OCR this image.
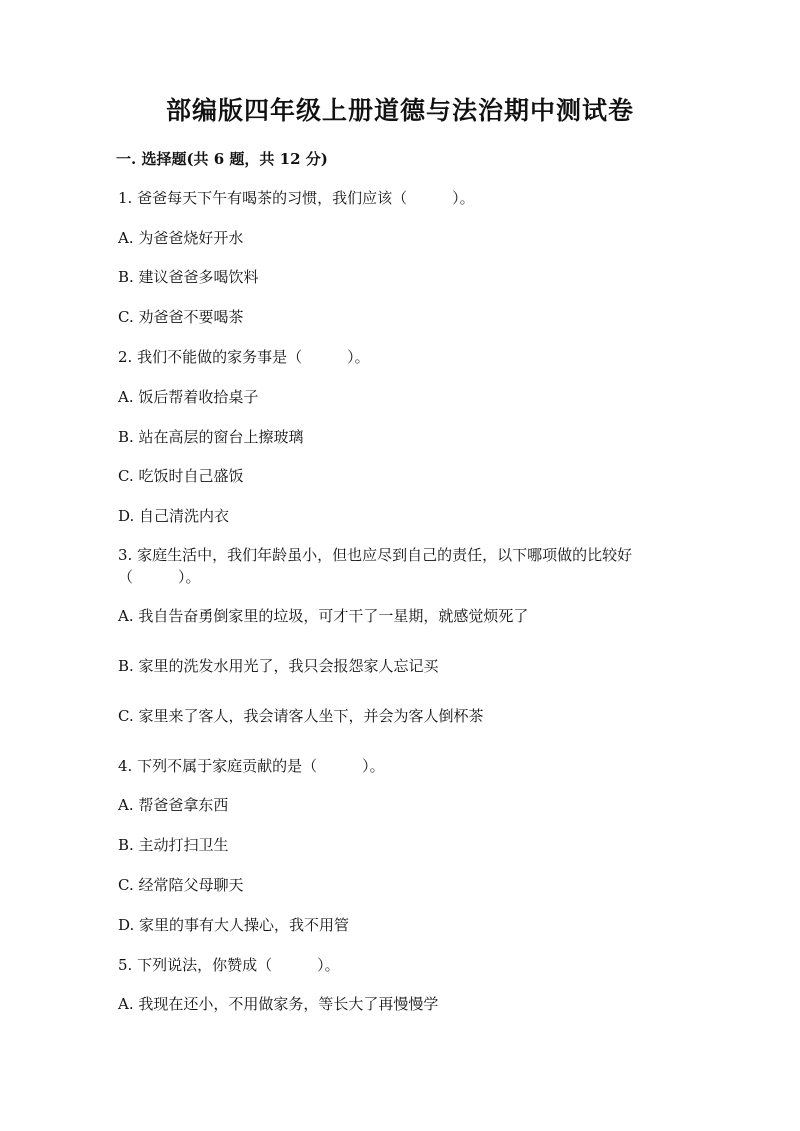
部编版四年级上册道德与法治期中测试卷
一. 选择题(共 6 题，共 12 分)
1. 爸爸每天下午有喝茶的习惯，我们应该（　　　）。
A. 为爸爸烧好开水
B. 建议爸爸多喝饮料
C. 劝爸爸不要喝茶
2. 我们不能做的家务事是（　　　）。
A. 饭后帮着收拾桌子
B. 站在高层的窗台上擦玻璃
C. 吃饭时自己盛饭
D. 自己清洗内衣
3. 家庭生活中，我们年龄虽小，但也应尽到自己的责任，以下哪项做的比较好（　　　）。
A. 我自告奋勇倒家里的垃圾，可才干了一星期，就感觉烦死了
B. 家里的洗发水用光了，我只会报怨家人忘记买
C. 家里来了客人，我会请客人坐下，并会为客人倒杯茶
4. 下列不属于家庭贡献的是（　　　）。
A. 帮爸爸拿东西
B. 主动打扫卫生
C. 经常陪父母聊天
D. 家里的事有大人操心，我不用管
5. 下列说法，你赞成（　　　）。
A. 我现在还小，不用做家务，等长大了再慢慢学
